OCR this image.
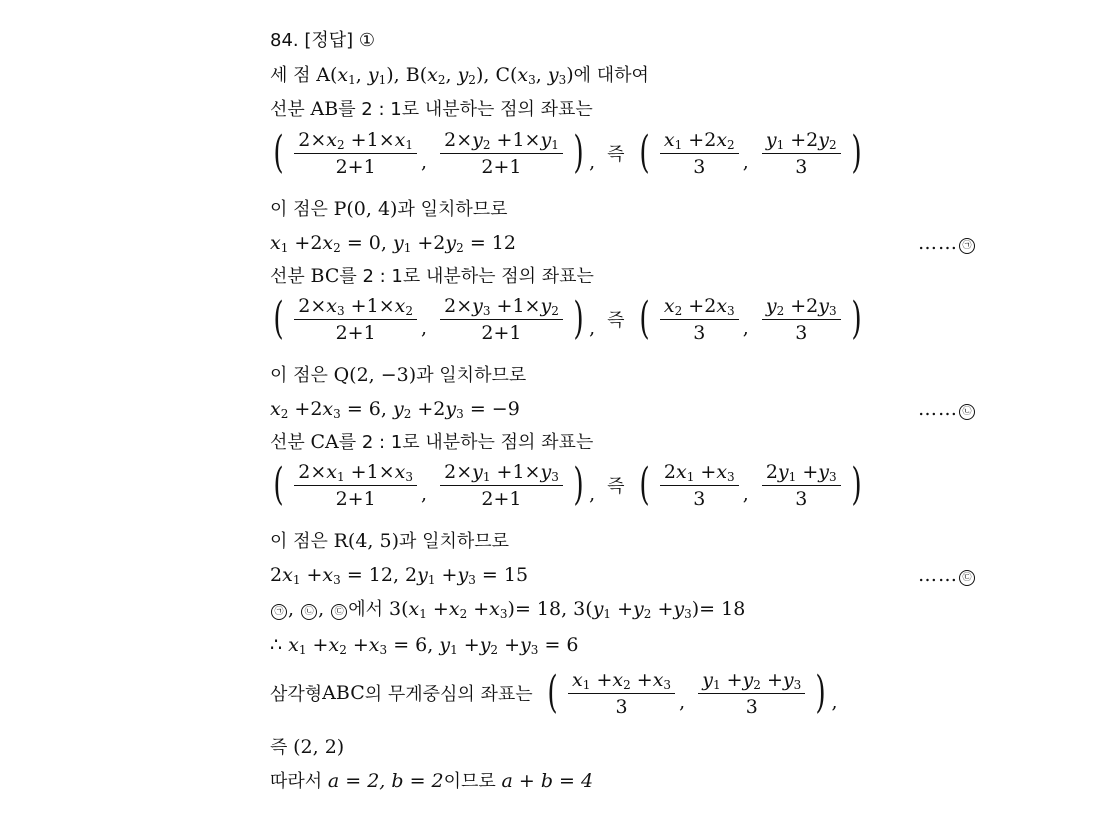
84. [정답] ①
세 점 $A(x_1$, $y_1$), $B(x_2$, $y_2$), $C(x_3$, $y_3$)에 대하여
선분 AB를 2 : 1로 내분하는 점의 좌표는
( $\frac{2\times x_2 +1\times x_1}{2+1}$ , $\frac{2\times y_2 +1\times y_1}{2+1}$ ) , 즉 ( $\frac{x_1 +2x_2}{3}$ , $\frac{y_1 +2y_2}{3}$ )
이 점은 P(0, 4)과 일치하므로
$x_1 +2x_2 = 0$, $y_1 +2y_2 = 12$	…… ㉠
선분 BC를 2 : 1로 내분하는 점의 좌표는
( $\frac{2\times x_3 +1\times x_2}{2+1}$ , $\frac{2\times y_3 +1\times y_2}{2+1}$ ) , 즉 ( $\frac{x_2 +2x_3}{3}$ , $\frac{y_2 +2y_3}{3}$ )
이 점은 Q(2, −3)과 일치하므로
$x_2 +2x_3 = 6$, $y_2 +2y_3 = -9$	…… ㉡
선분 CA를 2 : 1로 내분하는 점의 좌표는
( $\frac{2\times x_1 +1\times x_3}{2+1}$ , $\frac{2\times y_1 +1\times y_3}{2+1}$ ) , 즉 ( $\frac{2x_1 +x_3}{3}$ , $\frac{2y_1 +y_3}{3}$ )
이 점은 R(4, 5)과 일치하므로
$2x_1 +x_3 = 12$, $2y_1 +y_3 = 15$	…… ㉢
㉠ , ㉡ , ㉢ 에서 $3(x_1 +x_2 +x_3)= 18$, $3(y_1 +y_2 +y_3)= 18$
∴ $x_1 +x_2 +x_3 = 6$, $y_1 +y_2 +y_3 = 6$
삼각형ABC의 무게중심의 좌표는 ( $\frac{x_1 +x_2 +x_3}{3}$ , $\frac{y_1 +y_2 +y_3}{3}$ ) ,
즉 (2, 2)
따라서 a = 2, b = 2이므로 a + b = 4
